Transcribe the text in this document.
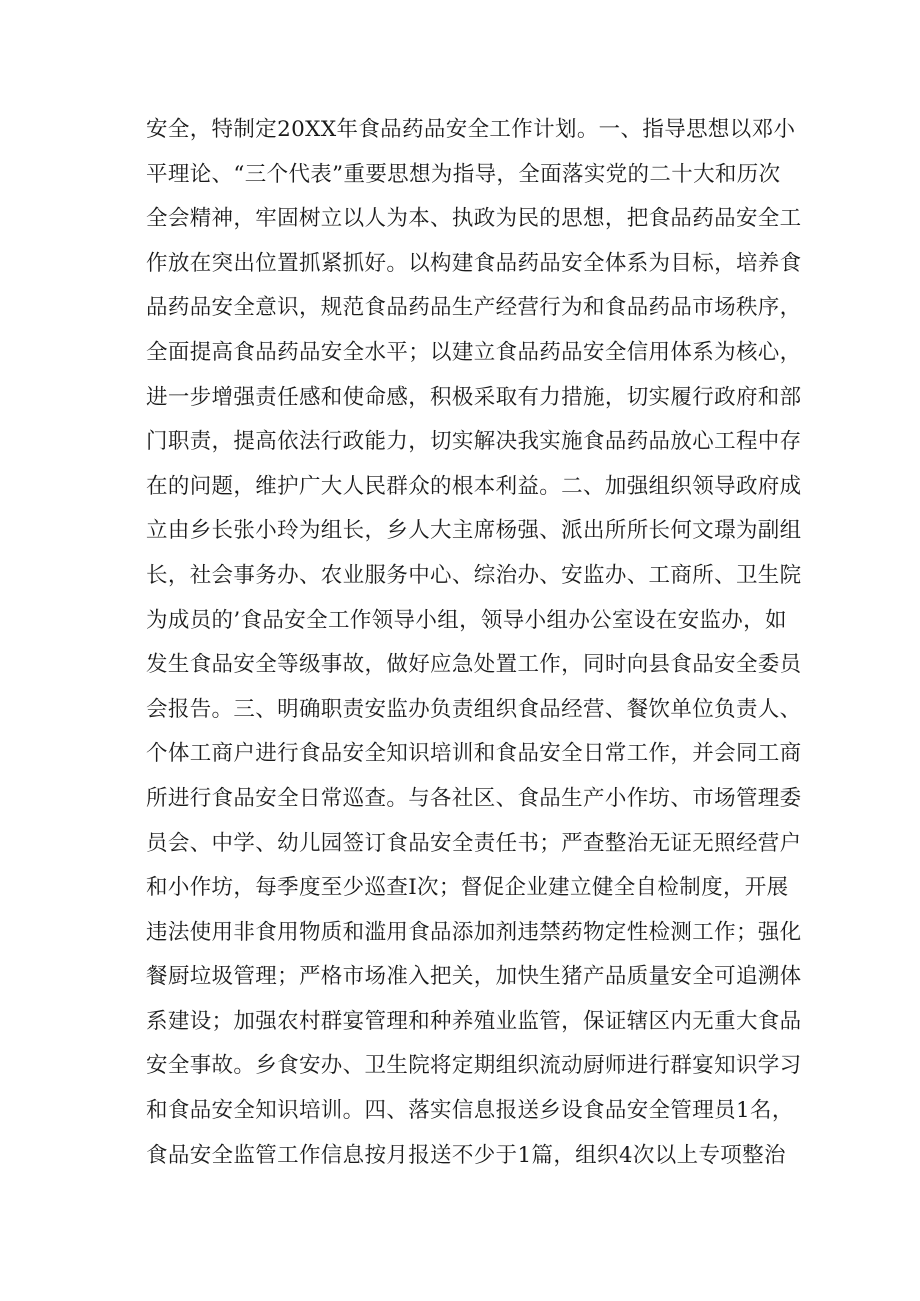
安全，特制定20XX年食品药品安全工作计划。一、指导思想以邓小
平理论、“三个代表”重要思想为指导，全面落实党的二十大和历次
全会精神，牢固树立以人为本、执政为民的思想，把食品药品安全工
作放在突出位置抓紧抓好。以构建食品药品安全体系为目标，培养食
品药品安全意识，规范食品药品生产经营行为和食品药品市场秩序，
全面提高食品药品安全水平；以建立食品药品安全信用体系为核心，
进一步增强责任感和使命感，积极采取有力措施，切实履行政府和部
门职责，提高依法行政能力，切实解决我实施食品药品放心工程中存
在的问题，维护广大人民群众的根本利益。二、加强组织领导政府成
立由乡长张小玲为组长，乡人大主席杨强、派出所所长何文璟为副组
长，社会事务办、农业服务中心、综治办、安监办、工商所、卫生院
为成员的’食品安全工作领导小组，领导小组办公室设在安监办，如
发生食品安全等级事故，做好应急处置工作，同时向县食品安全委员
会报告。三、明确职责安监办负责组织食品经营、餐饮单位负责人、
个体工商户进行食品安全知识培训和食品安全日常工作，并会同工商
所进行食品安全日常巡查。与各社区、食品生产小作坊、市场管理委
员会、中学、幼儿园签订食品安全责任书；严查整治无证无照经营户
和小作坊，每季度至少巡查Ⅰ次；督促企业建立健全自检制度，开展
违法使用非食用物质和滥用食品添加剂违禁药物定性检测工作；强化
餐厨垃圾管理；严格市场准入把关，加快生猪产品质量安全可追溯体
系建设；加强农村群宴管理和种养殖业监管，保证辖区内无重大食品
安全事故。乡食安办、卫生院将定期组织流动厨师进行群宴知识学习
和食品安全知识培训。四、落实信息报送乡设食品安全管理员1名，
食品安全监管工作信息按月报送不少于1篇，组织4次以上专项整治
